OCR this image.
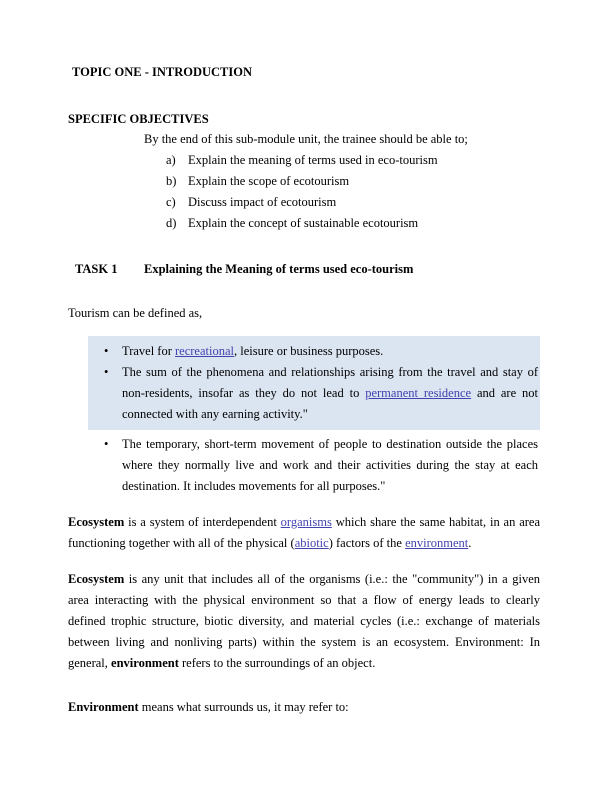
TOPIC ONE - INTRODUCTION
SPECIFIC OBJECTIVES

By the end of this sub-module unit, the trainee should be able to;

a) Explain the meaning of terms used in eco-tourism
b) Explain the scope of ecotourism
c) Discuss impact of ecotourism
d) Explain the concept of sustainable ecotourism

TASK 1	Explaining the Meaning of terms used eco-tourism

Tourism can be defined as,

•	Travel for recreational, leisure or business purposes.
•	The sum of the phenomena and relationships arising from the travel and stay of non-residents, insofar as they do not lead to permanent residence and are not connected with any earning activity."
•	The temporary, short-term movement of people to destination outside the places where they normally live and work and their activities during the stay at each destination. It includes movements for all purposes."

Ecosystem is a system of interdependent organisms which share the same habitat, in an area functioning together with all of the physical (abiotic) factors of the environment.

Ecosystem is any unit that includes all of the organisms (i.e.: the "community") in a given area interacting with the physical environment so that a flow of energy leads to clearly defined trophic structure, biotic diversity, and material cycles (i.e.: exchange of materials between living and nonliving parts) within the system is an ecosystem. Environment: In general, environment refers to the surroundings of an object.

Environment means what surrounds us, it may refer to:
